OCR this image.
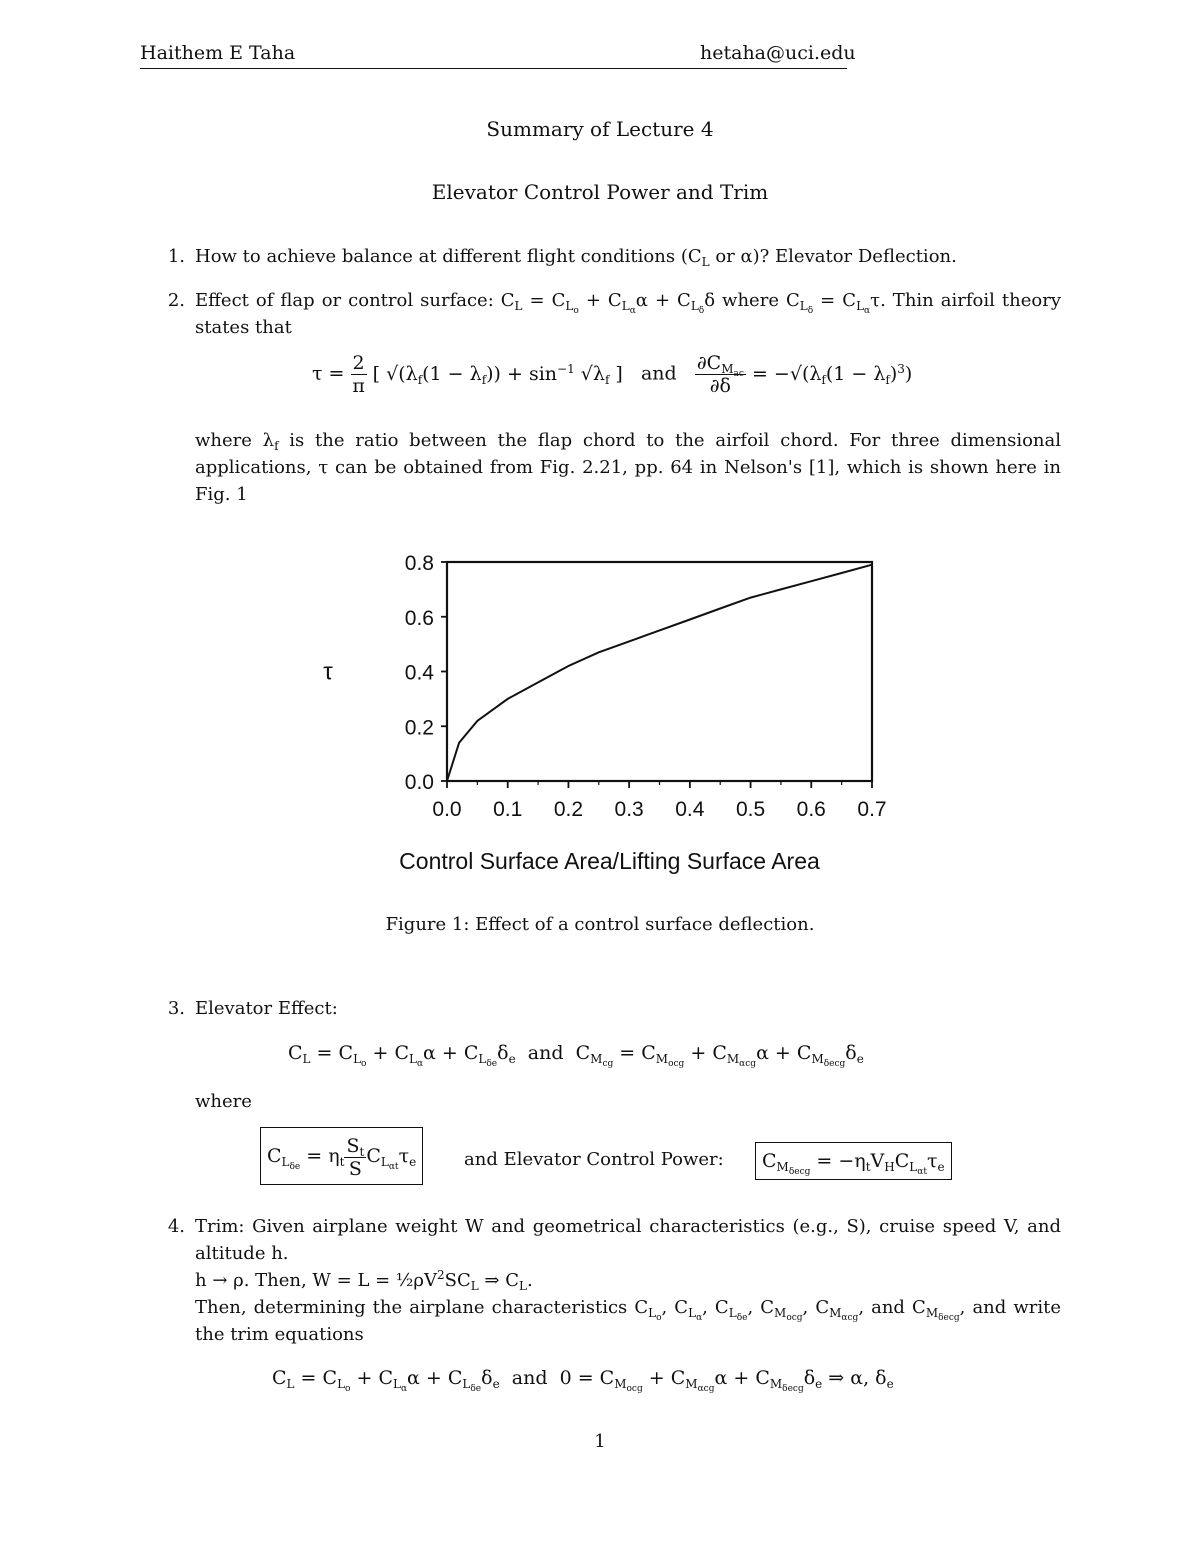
Haithem E Taha	hetaha@uci.edu
Summary of Lecture 4
Elevator Control Power and Trim
1. How to achieve balance at different flight conditions ($C_L$ or α)? Elevator Deflection.
2. Effect of flap or control surface: $C_L = C_{L_o} + C_{L_\alpha}\alpha + C_{L_\delta}\delta$ where $C_{L_\delta} = C_{L_\alpha}\tau$. Thin airfoil theory states that
$\tau = \frac{2}{\pi}$ [ $√(\lambda_f(1 - \lambda_f)) + \sin^{-1} √\lambda_f$ ] and $\frac{\partial C_{M_{ac}}}{\partial\delta} = -√(\lambda_f(1 - \lambda_f)^3)$
where $\lambda_f$ is the ratio between the flap chord to the airfoil chord. For three dimensional applications, τ can be obtained from Fig. 2.21, pp. 64 in Nelson's [1], which is shown here in Fig. 1
0.0
0.2
0.4
0.6
0.8
0.0 0.1 0.2 0.3 0.4 0.5 0.6 0.7
τ
Control Surface Area/Lifting Surface Area
Figure 1: Effect of a control surface deflection.
3. Elevator Effect:
$C_L = C_{L_o} + C_{L_\alpha}\alpha + C_{L_{\delta e}}\delta_e$  and  $C_{M_{cg}} = C_{M_{ocg}} + C_{M_{\alpha cg}}\alpha + C_{M_{\delta ecg}}\delta_e$
where
$C_{L_{\delta e}} = \eta_t \frac{S_t}{S} C_{L_{\alpha t}}\tau_e$	and Elevator Control Power:	$C_{M_{\delta ecg}} = -\eta_tV_HC_{L_{\alpha t}}\tau_e$
4. Trim: Given airplane weight W and geometrical characteristics (e.g., S), cruise speed V, and altitude h.
h → ρ. Then, $W = L = \frac{1}{2}\rho V^2SC_L$ ⇒ $C_L$.
Then, determining the airplane characteristics $C_{L_o}$, $C_{L_\alpha}$, $C_{L_{\delta e}}$, $C_{M_{ocg}}$, $C_{M_{\alpha cg}}$, and $C_{M_{\delta ecg}}$, and write the trim equations
$C_L = C_{L_o} + C_{L_\alpha}\alpha + C_{L_{\delta e}}\delta_e$  and  $0 = C_{M_{ocg}} + C_{M_{\alpha cg}}\alpha + C_{M_{\delta ecg}}\delta_e$ ⇒ α, $\delta_e$
1
